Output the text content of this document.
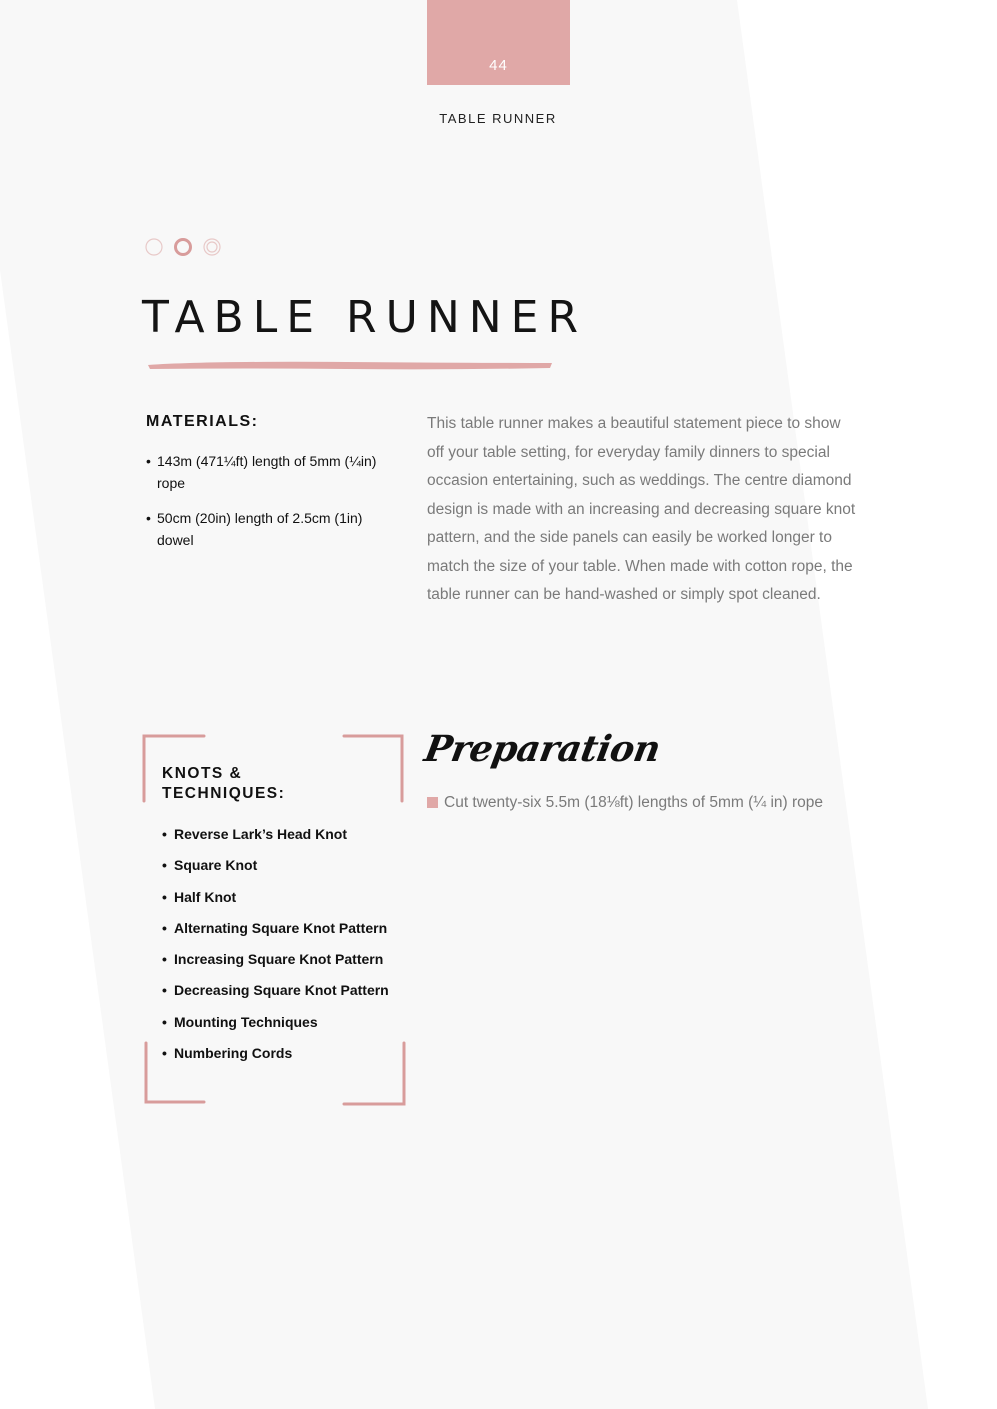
44
TABLE RUNNER
TABLE RUNNER
MATERIALS:
• 143m (471¼ft) length of 5mm (¼in) rope
• 50cm (20in) length of 2.5cm (1in) dowel

This table runner makes a beautiful statement piece to show off your table setting, for everyday family dinners to special occasion entertaining, such as weddings. The centre diamond design is made with an increasing and decreasing square knot pattern, and the side panels can easily be worked longer to match the size of your table. When made with cotton rope, the table runner can be hand-washed or simply spot cleaned.

KNOTS &
TECHNIQUES:
• Reverse Lark’s Head Knot
• Square Knot
• Half Knot
• Alternating Square Knot Pattern
• Increasing Square Knot Pattern
• Decreasing Square Knot Pattern
• Mounting Techniques
• Numbering Cords
Preparation
Cut twenty-six 5.5m (18⅛ft) lengths of 5mm (¼ in) rope
